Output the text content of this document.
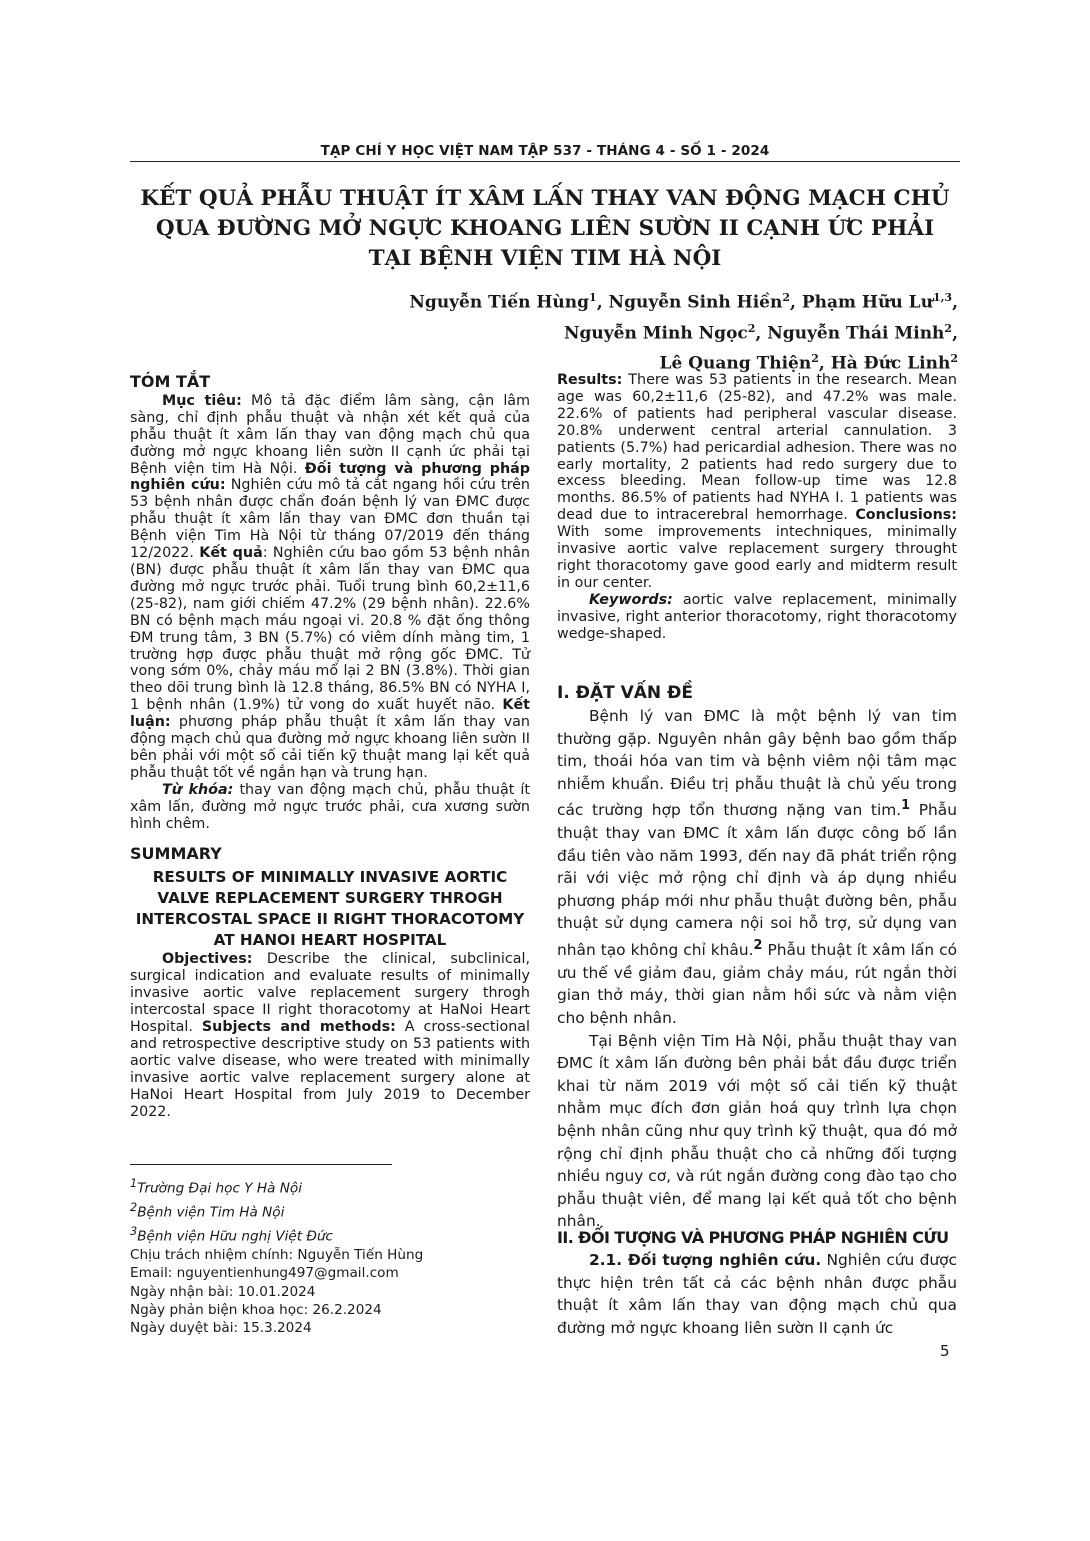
TẠP CHÍ Y HỌC VIỆT NAM TẬP 537 - THÁNG 4 - SỐ 1 - 2024
KẾT QUẢ PHẪU THUẬT ÍT XÂM LẤN THAY VAN ĐỘNG MẠCH CHỦ
QUA ĐƯỜNG MỞ NGỰC KHOANG LIÊN SƯỜN II CẠNH ỨC PHẢI
TẠI BỆNH VIỆN TIM HÀ NỘI
Nguyễn Tiến Hùng$^1$, Nguyễn Sinh Hiền$^2$, Phạm Hữu Lư$^{1,3}$,
Nguyễn Minh Ngọc$^2$, Nguyễn Thái Minh$^2$,
Lê Quang Thiện$^2$, Hà Đức Linh$^2$
TÓM TẮT

Mục tiêu: Mô tả đặc điểm lâm sàng, cận lâm sàng, chỉ định phẫu thuật và nhận xét kết quả của phẫu thuật ít xâm lấn thay van động mạch chủ qua đường mở ngực khoang liên sườn II cạnh ức phải tại Bệnh viện tim Hà Nội. Đối tượng và phương pháp nghiên cứu: Nghiên cứu mô tả cắt ngang hồi cứu trên 53 bệnh nhân được chẩn đoán bệnh lý van ĐMC được phẫu thuật ít xâm lấn thay van ĐMC đơn thuần tại Bệnh viện Tim Hà Nội từ tháng 07/2019 đến tháng 12/2022. Kết quả: Nghiên cứu bao gồm 53 bệnh nhân (BN) được phẫu thuật ít xâm lấn thay van ĐMC qua đường mở ngực trước phải. Tuổi trung bình 60,2±11,6 (25-82), nam giới chiếm 47.2% (29 bệnh nhân). 22.6% BN có bệnh mạch máu ngoại vi. 20.8 % đặt ống thông ĐM trung tâm, 3 BN (5.7%) có viêm dính màng tim, 1 trường hợp được phẫu thuật mở rộng gốc ĐMC. Tử vong sớm 0%, chảy máu mổ lại 2 BN (3.8%). Thời gian theo dõi trung bình là 12.8 tháng, 86.5% BN có NYHA I, 1 bệnh nhân (1.9%) tử vong do xuất huyết não. Kết luận: phương pháp phẫu thuật ít xâm lấn thay van động mạch chủ qua đường mở ngực khoang liên sườn II bên phải với một số cải tiến kỹ thuật mang lại kết quả phẫu thuật tốt về ngắn hạn và trung hạn.

Từ khóa: thay van động mạch chủ, phẫu thuật ít xâm lấn, đường mở ngực trước phải, cưa xương sườn hình chêm.

SUMMARY
RESULTS OF MINIMALLY INVASIVE AORTIC VALVE REPLACEMENT SURGERY THROGH INTERCOSTAL SPACE II RIGHT THORACOTOMY AT HANOI HEART HOSPITAL

Objectives: Describe the clinical, subclinical, surgical indication and evaluate results of minimally invasive aortic valve replacement surgery throgh intercostal space II right thoracotomy at HaNoi Heart Hospital. Subjects and methods: A cross-sectional and retrospective descriptive study on 53 patients with aortic valve disease, who were treated with minimally invasive aortic valve replacement surgery alone at HaNoi Heart Hospital from July 2019 to December 2022.

$^1$Trường Đại học Y Hà Nội
$^2$Bệnh viện Tim Hà Nội
$^3$Bệnh viện Hữu nghị Việt Đức
Chịu trách nhiệm chính: Nguyễn Tiến Hùng
Email: nguyentienhung497@gmail.com
Ngày nhận bài: 10.01.2024
Ngày phản biện khoa học: 26.2.2024
Ngày duyệt bài: 15.3.2024

Results: There was 53 patients in the research. Mean age was 60,2±11,6 (25-82), and 47.2% was male. 22.6% of patients had peripheral vascular disease. 20.8% underwent central arterial cannulation. 3 patients (5.7%) had pericardial adhesion. There was no early mortality, 2 patients had redo surgery due to excess bleeding. Mean follow-up time was 12.8 months. 86.5% of patients had NYHA I. 1 patients was dead due to intracerebral hemorrhage. Conclusions: With some improvements intechniques, minimally invasive aortic valve replacement surgery throught right thoracotomy gave good early and midterm result in our center.

Keywords: aortic valve replacement, minimally invasive, right anterior thoracotomy, right thoracotomy wedge-shaped.

I. ĐẶT VẤN ĐỀ

Bệnh lý van ĐMC là một bệnh lý van tim thường gặp. Nguyên nhân gây bệnh bao gồm thấp tim, thoái hóa van tim và bệnh viêm nội tâm mạc nhiễm khuẩn. Điều trị phẫu thuật là chủ yếu trong các trường hợp tổn thương nặng van tim.$^1$ Phẫu thuật thay van ĐMC ít xâm lấn được công bố lần đầu tiên vào năm 1993, đến nay đã phát triển rộng rãi với việc mở rộng chỉ định và áp dụng nhiều phương pháp mới như phẫu thuật đường bên, phẫu thuật sử dụng camera nội soi hỗ trợ, sử dụng van nhân tạo không chỉ khâu.$^2$ Phẫu thuật ít xâm lấn có ưu thế về giảm đau, giảm chảy máu, rút ngắn thời gian thở máy, thời gian nằm hồi sức và nằm viện cho bệnh nhân.

Tại Bệnh viện Tim Hà Nội, phẫu thuật thay van ĐMC ít xâm lấn đường bên phải bắt đầu được triển khai từ năm 2019 với một số cải tiến kỹ thuật nhằm mục đích đơn giản hoá quy trình lựa chọn bệnh nhân cũng như quy trình kỹ thuật, qua đó mở rộng chỉ định phẫu thuật cho cả những đối tượng nhiều nguy cơ, và rút ngắn đường cong đào tạo cho phẫu thuật viên, để mang lại kết quả tốt cho bệnh nhân.

II. ĐỐI TƯỢNG VÀ PHƯƠNG PHÁP NGHIÊN CỨU

2.1. Đối tượng nghiên cứu. Nghiên cứu được thực hiện trên tất cả các bệnh nhân được phẫu thuật ít xâm lấn thay van động mạch chủ qua đường mở ngực khoang liên sườn II cạnh ức

5
